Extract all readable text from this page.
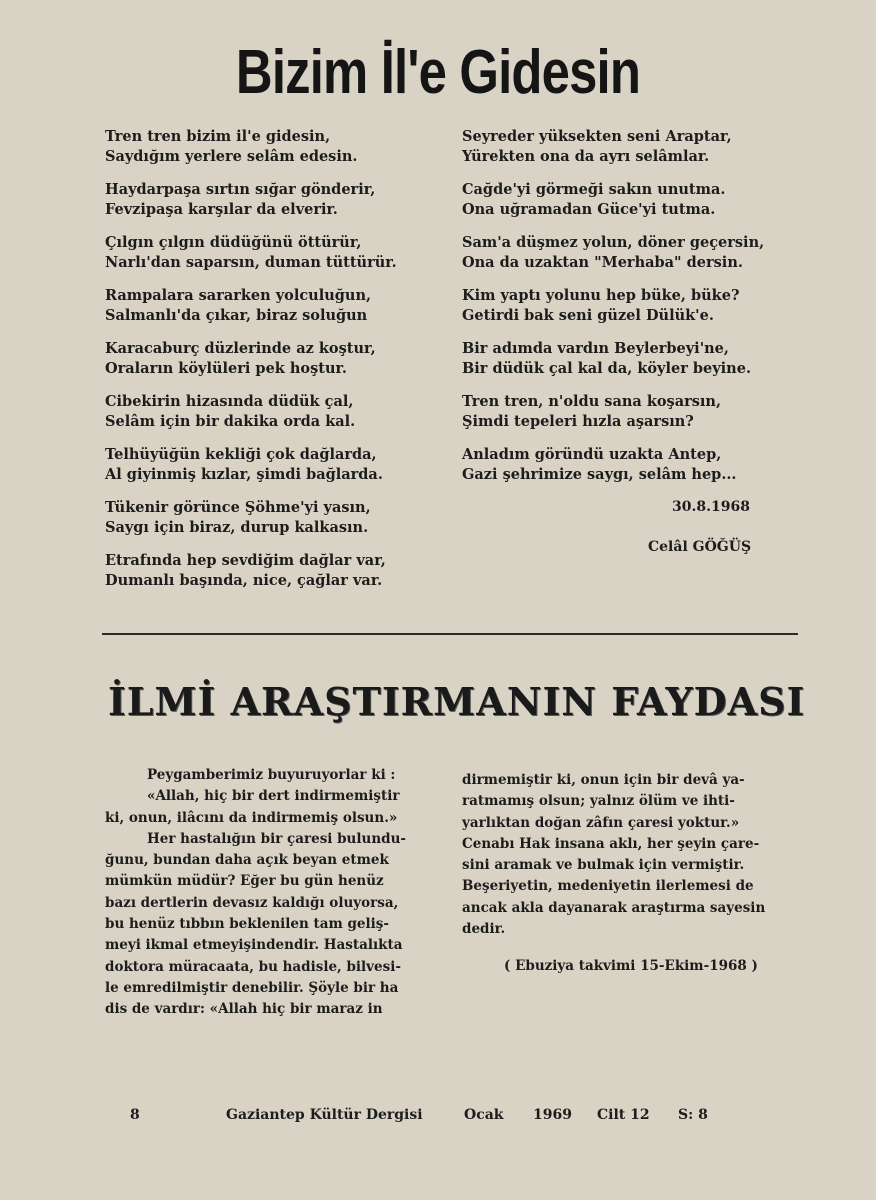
Bizim İl'e Gidesin
Tren tren bizim il'e gidesin,
Saydığım yerlere selâm edesin.
Haydarpaşa sırtın sığar gönderir,
Fevzipaşa karşılar da elverir.
Çılgın çılgın düdüğünü öttürür,
Narlı'dan saparsın, duman tüttürür.
Rampalara sararken yolculuğun,
Salmanlı'da çıkar, biraz soluğun
Karacaburç düzlerinde az koştur,
Oraların köylüleri pek hoştur.
Cibekirin hizasında düdük çal,
Selâm için bir dakika orda kal.
Telhüyüğün kekliği çok dağlarda,
Al giyinmiş kızlar, şimdi bağlarda.
Tükenir görünce Şöhme'yi yasın,
Saygı için biraz, durup kalkasın.
Etrafında hep sevdiğim dağlar var,
Dumanlı başında, nice, çağlar var.
Seyreder yüksekten seni Araptar,
Yürekten ona da ayrı selâmlar.
Cağde'yi görmeği sakın unutma.
Ona uğramadan Güce'yi tutma.
Sam'a düşmez yolun, döner geçersin,
Ona da uzaktan "Merhaba" dersin.
Kim yaptı yolunu hep büke, büke?
Getirdi bak seni güzel Dülük'e.
Bir adımda vardın Beylerbeyi'ne,
Bir düdük çal kal da, köyler beyine.
Tren tren, n'oldu sana koşarsın,
Şimdi tepeleri hızla aşarsın?
Anladım göründü uzakta Antep,
Gazi şehrimize saygı, selâm hep...
30.8.1968
Celâl GÖĞÜŞ
İLMİ ARAŞTIRMANIN FAYDASI
Peygamberimiz buyuruyorlar ki :
«Allah, hiç bir dert indirmemiştir
ki, onun, ilâcını da indirmemiş olsun.»
Her hastalığın bir çaresi bulundu-
ğunu, bundan daha açık beyan etmek
mümkün müdür? Eğer bu gün henüz
bazı dertlerin devasız kaldığı oluyorsa,
bu henüz tıbbın beklenilen tam geliş-
meyi ikmal etmeyişindendir. Hastalıkta
doktora müracaata, bu hadisle, bilvesi-
le emredilmiştir denebilir. Şöyle bir ha
dis de vardır: «Allah hiç bir maraz in
dirmemiştir ki, onun için bir devâ ya-
ratmamış olsun; yalnız ölüm ve ihti-
yarlıktan doğan zâfın çaresi yoktur.»
Cenabı Hak insana aklı, her şeyin çare-
sini aramak ve bulmak için vermiştir.
Beşeriyetin, medeniyetin ilerlemesi de
ancak akla dayanarak araştırma sayesin
dedir.
( Ebuziya takvimi 15-Ekim-1968 )
8	Gaziantep Kültür Dergisi	Ocak 1969 Cilt 12 S: 8
